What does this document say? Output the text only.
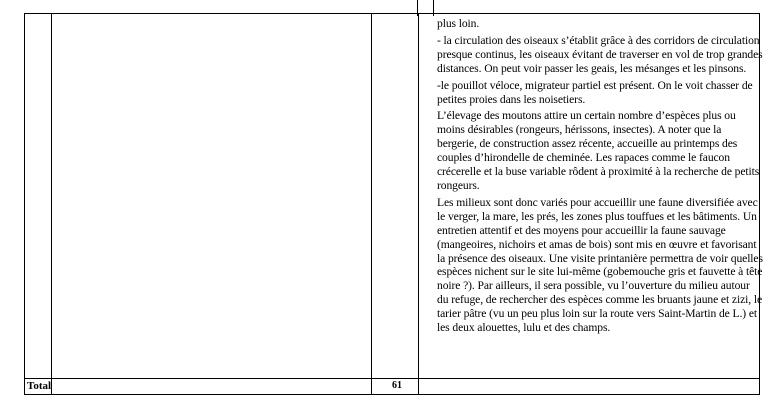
plus loin.

- la circulation des oiseaux s’établit grâce à des corridors de circulation presque continus, les oiseaux évitant de traverser en vol de trop grandes distances. On peut voir passer les geais, les mésanges et les pinsons.

-le pouillot véloce, migrateur partiel est présent. On le voit chasser de petites proies dans les noisetiers.

L’élevage des moutons attire un certain nombre d’espèces plus ou moins désirables (rongeurs, hérissons, insectes). A noter que la bergerie, de construction assez récente, accueille au printemps des couples d’hirondelle de cheminée. Les rapaces comme le faucon crécerelle et la buse variable rôdent à proximité à la recherche de petits rongeurs.

Les milieux sont donc variés pour accueillir une faune diversifiée avec le verger, la mare, les prés, les zones plus touffues et les bâtiments. Un entretien attentif et des moyens pour accueillir la faune sauvage (mangeoires, nichoirs et amas de bois) sont mis en œuvre et favorisant la présence des oiseaux. Une visite printanière permettra de voir quelles espèces nichent sur le site lui-même (gobemouche gris et fauvette à tête noire ?). Par ailleurs, il sera possible, vu l’ouverture du milieu autour du refuge, de rechercher des espèces comme les bruants jaune et zizi, le tarier pâtre (vu un peu plus loin sur la route vers Saint-Martin de L.) et les deux alouettes, lulu et des champs.

Total	61
